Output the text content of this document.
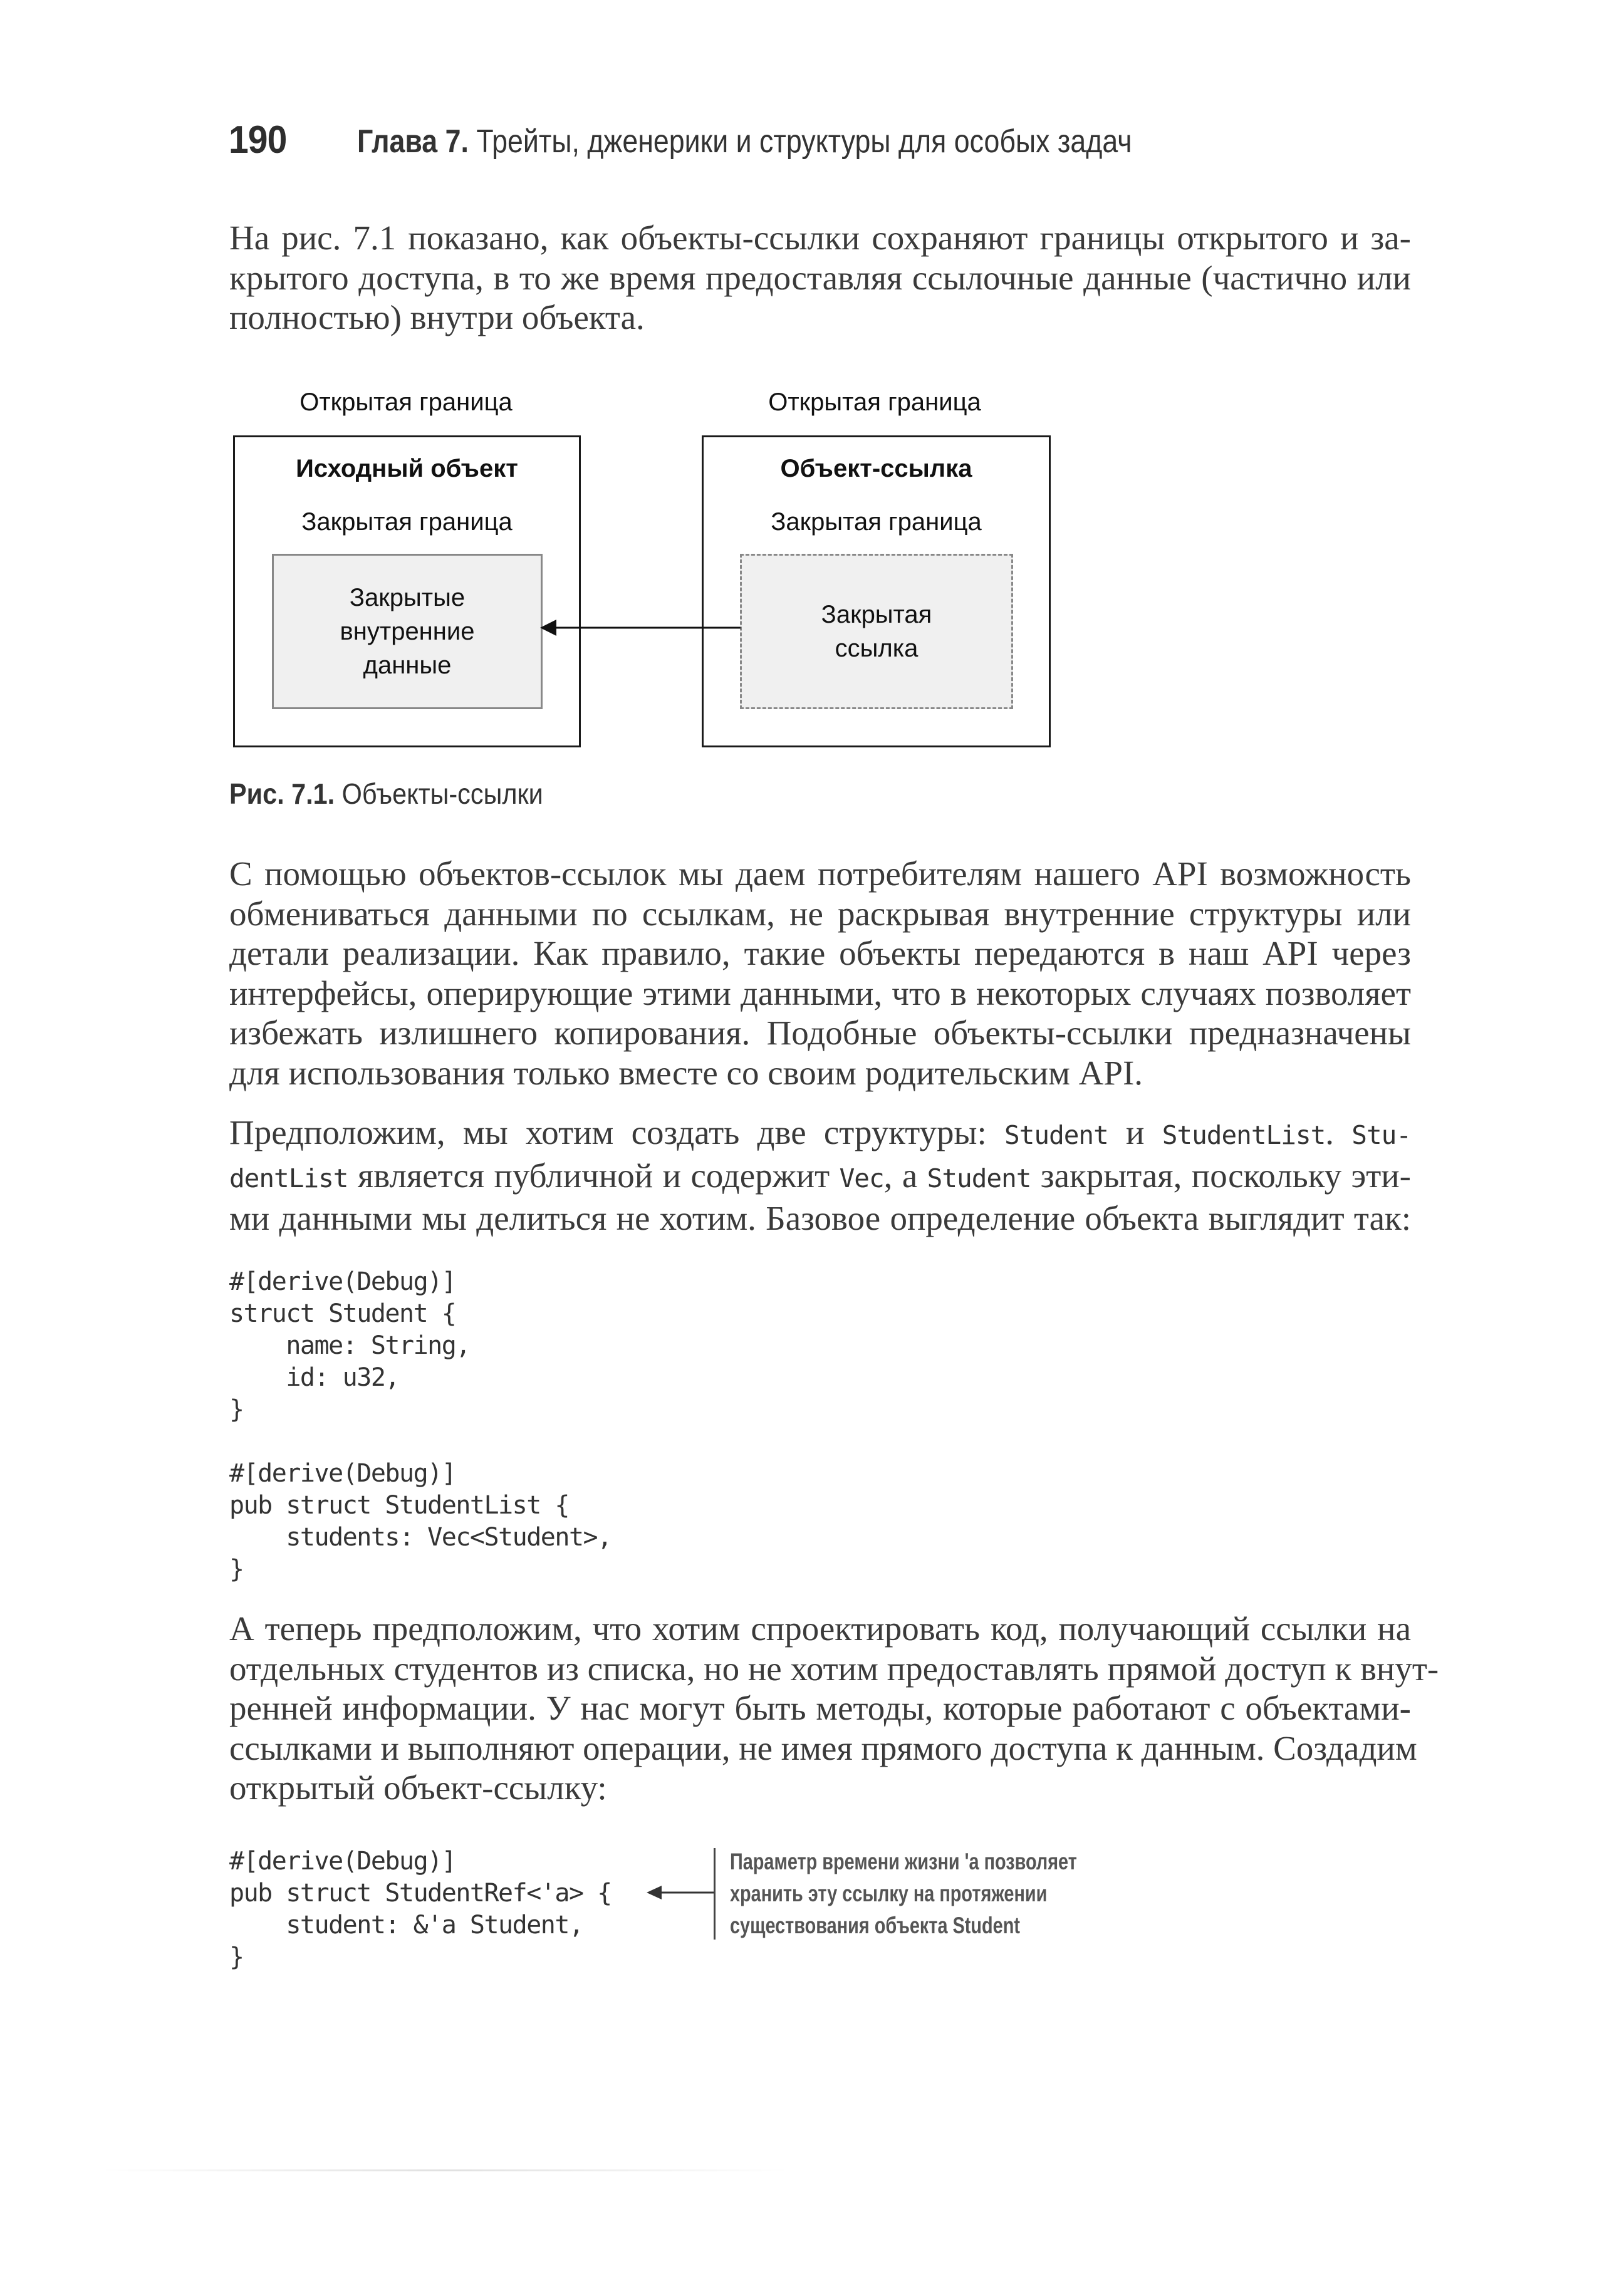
190 Глава 7. Трейты, дженерики и структуры для особых задач
На рис. 7.1 показано, как объекты-ссылки сохраняют границы открытого и за-
крытого доступа, в то же время предоставляя ссылочные данные (частично или
полностью) внутри объекта.
Открытая граница	Открытая граница
Исходный объект
Закрытая граница
Закрытые
внутренние
данные
Объект-ссылка
Закрытая граница
Закрытая
ссылка
Рис. 7.1. Объекты-ссылки
С помощью объектов-ссылок мы даем потребителям нашего API возможность
обмениваться данными по ссылкам, не раскрывая внутренние структуры или
детали реализации. Как правило, такие объекты передаются в наш API через
интерфейсы, оперирующие этими данными, что в некоторых случаях позволяет
избежать излишнего копирования. Подобные объекты-ссылки предназначены
для использования только вместе со своим родительским API.
Предположим, мы хотим создать две структуры: Student и StudentList. Stu-
dentList является публичной и содержит Vec, а Student закрытая, поскольку эти-
ми данными мы делиться не хотим. Базовое определение объекта выглядит так:
#[derive(Debug)]
struct Student {
name: String,
id: u32,
}
#[derive(Debug)]
pub struct StudentList {
students: Vec<Student>,
}
А теперь предположим, что хотим спроектировать код, получающий ссылки на
отдельных студентов из списка, но не хотим предоставлять прямой доступ к внут-
ренней информации. У нас могут быть методы, которые работают с объектами-
ссылками и выполняют операции, не имея прямого доступа к данным. Создадим
открытый объект-ссылку:
#[derive(Debug)]
pub struct StudentRef<'a> {
student: &'a Student,
}
Параметр времени жизни 'a позволяет
хранить эту ссылку на протяжении
существования объекта Student
